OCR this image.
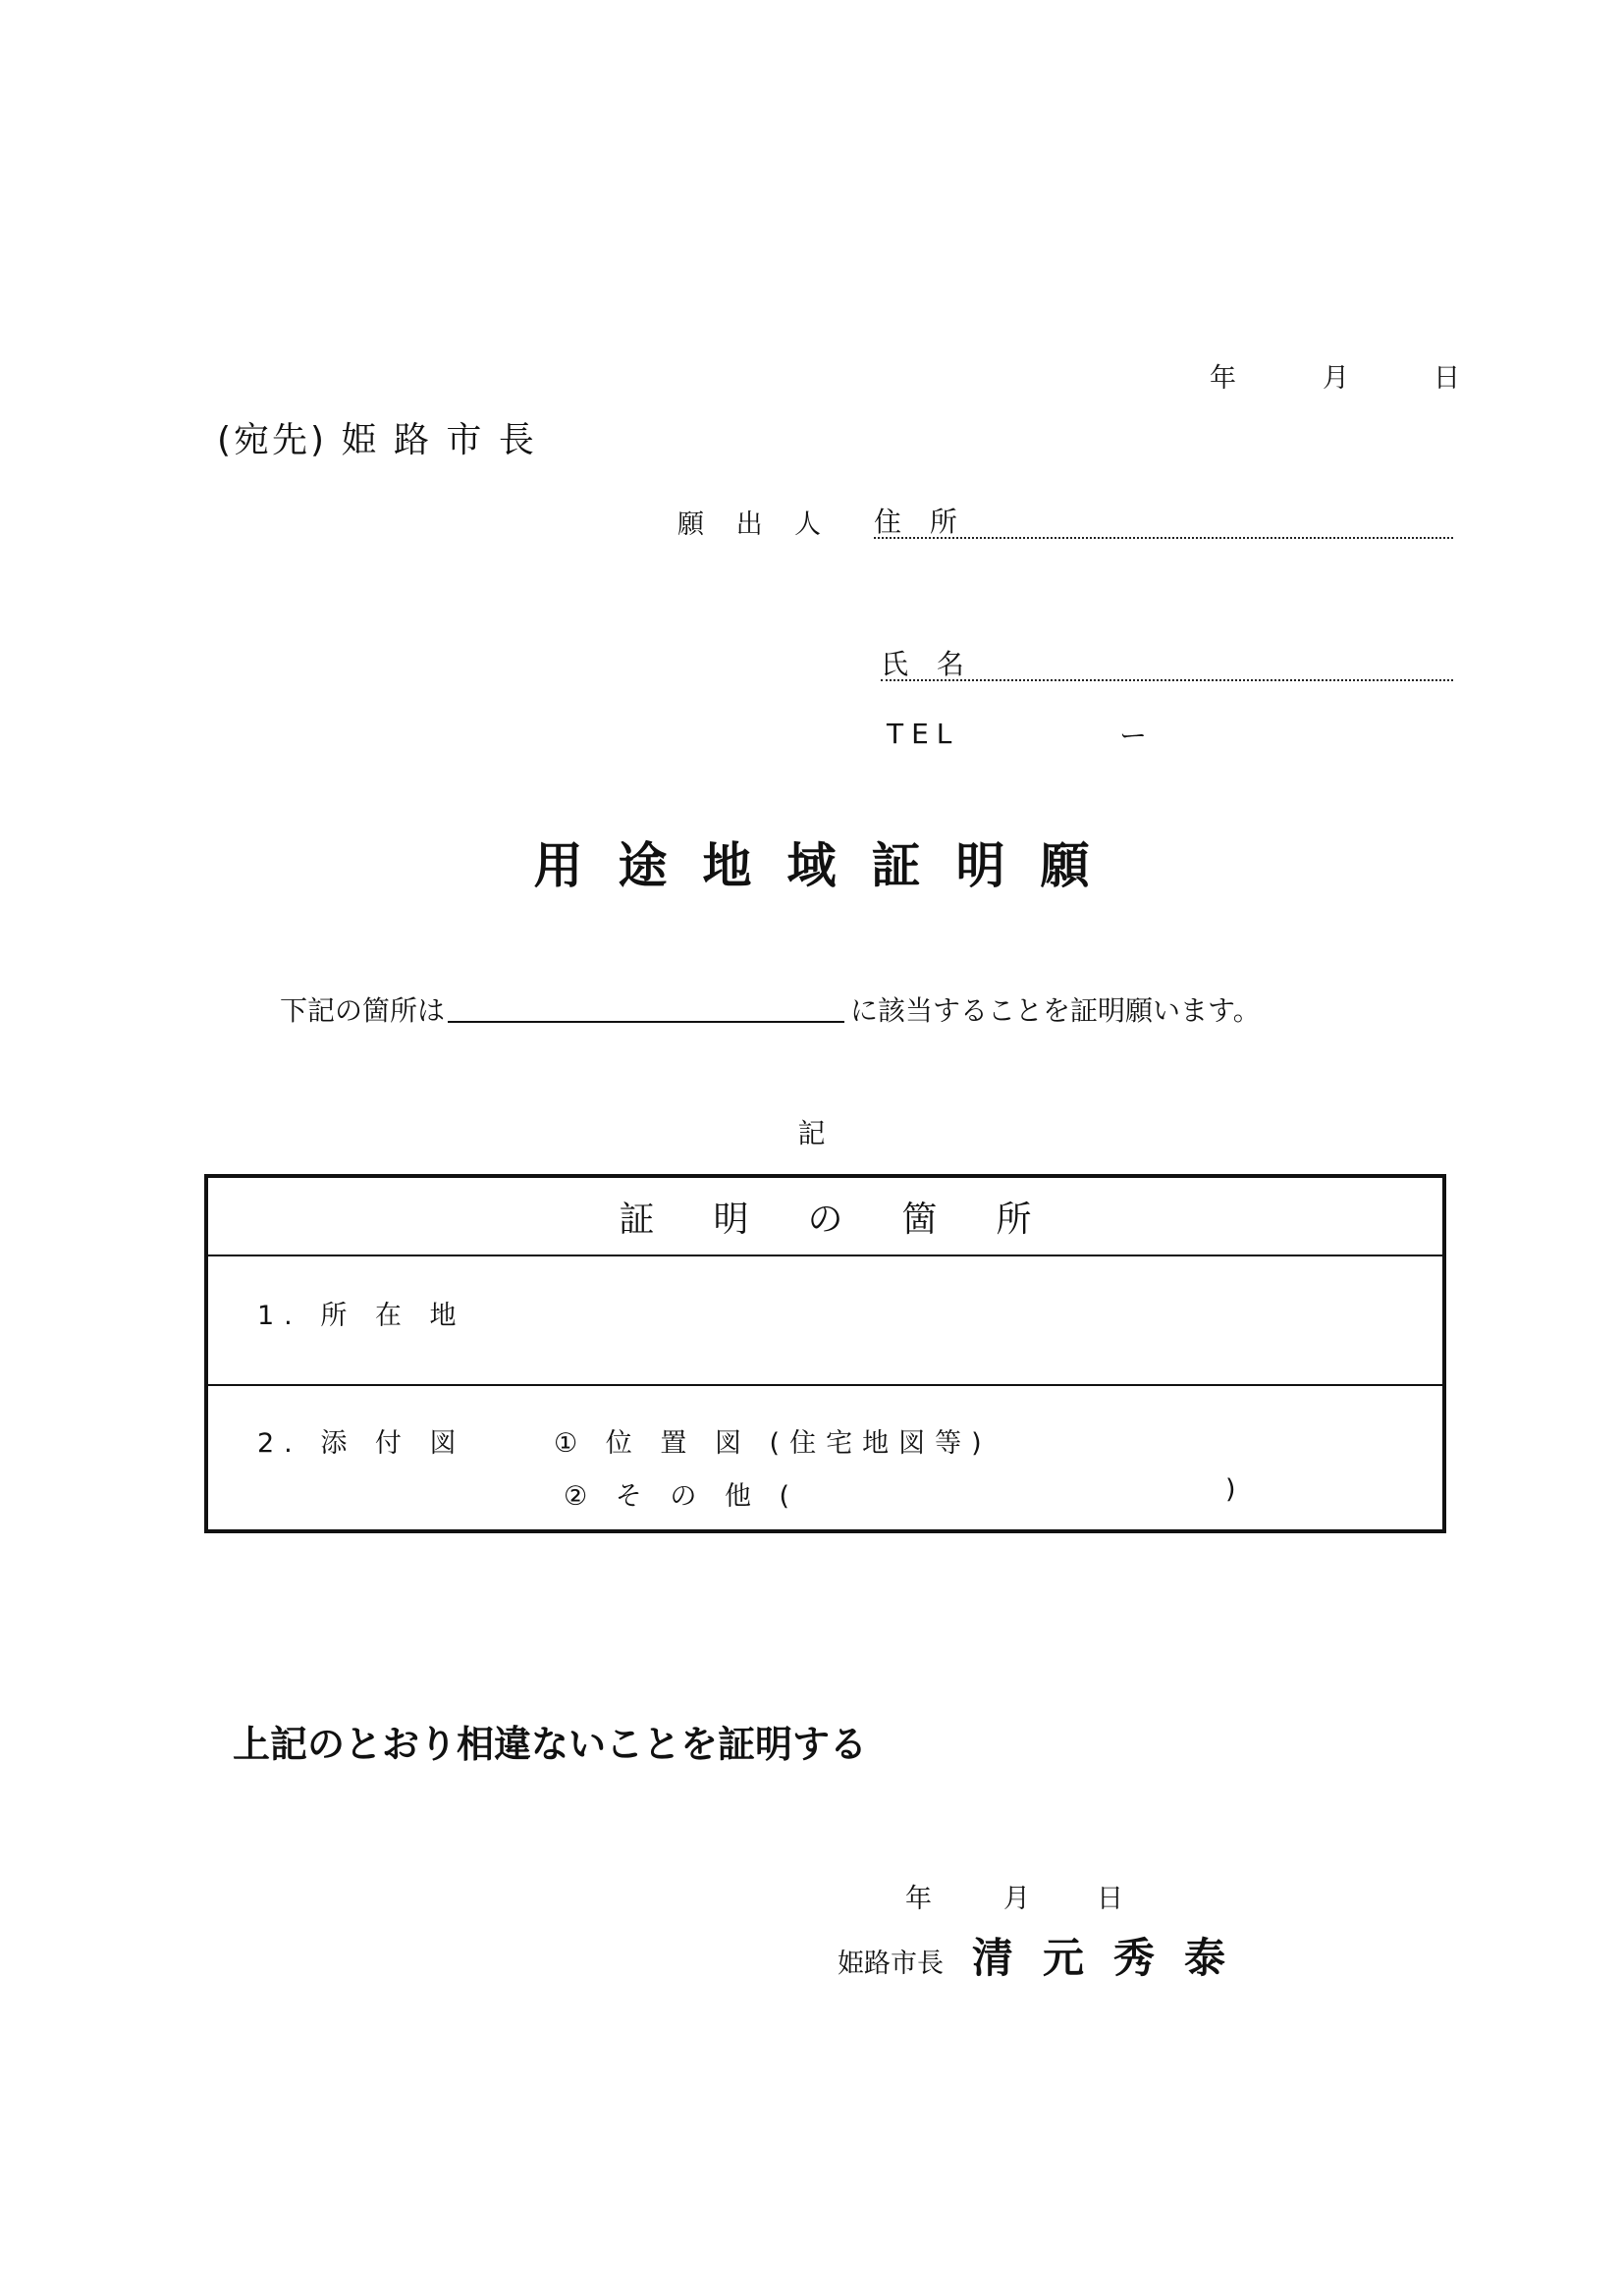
年	月	日
(宛先) 姫 路 市 長
願 出 人 住 所
氏 名
TEL	ー
用途地域証明願
下記の箇所は	に該当することを証明願います。
記
証明の箇所
1. 所 在 地
2. 添 付 図	① 位 置 図 (住宅地図等)
② そ の 他 (	)
上記のとおり相違ないことを証明する
年	月	日
姫路市長 清元秀泰
